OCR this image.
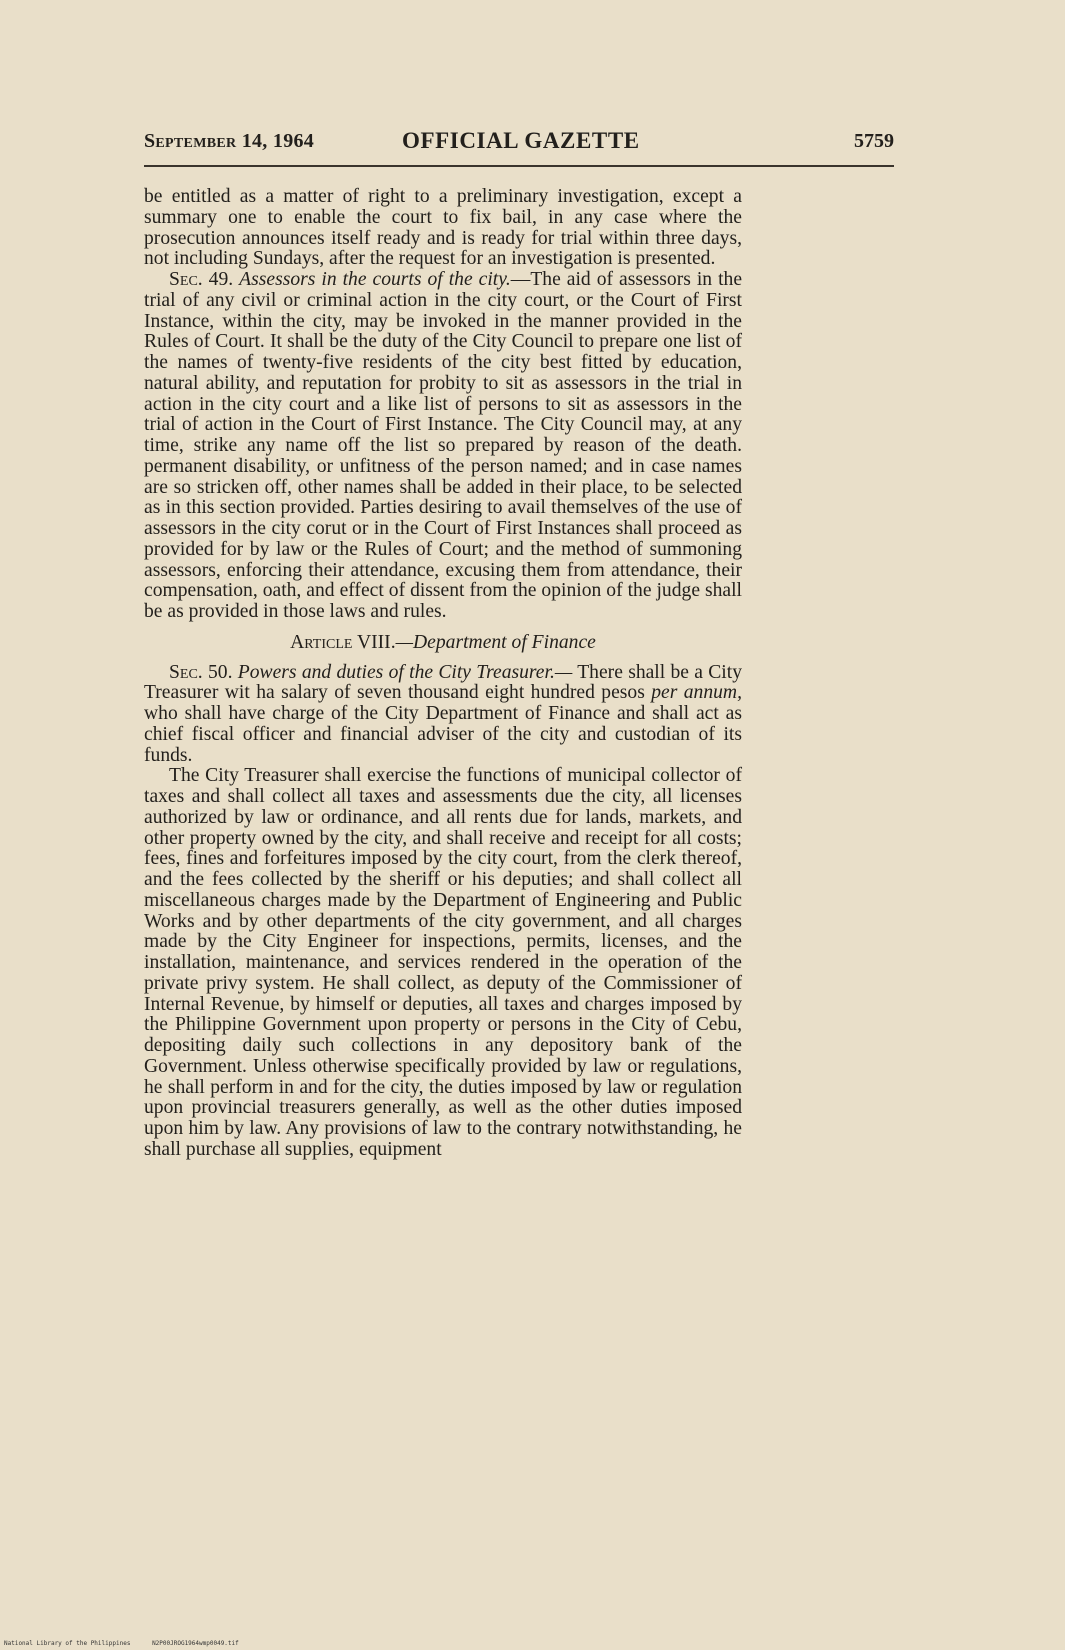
September 14, 1964	OFFICIAL GAZETTE	5759

be entitled as a matter of right to a preliminary investigation, except a summary one to enable the court to fix bail, in any case where the prosecution announces itself ready and is ready for trial within three days, not including Sundays, after the request for an investigation is presented.

Sec. 49. Assessors in the courts of the city.—The aid of assessors in the trial of any civil or criminal action in the city court, or the Court of First Instance, within the city, may be invoked in the manner provided in the Rules of Court. It shall be the duty of the City Council to prepare one list of the names of twenty-five residents of the city best fitted by education, natural ability, and reputation for probity to sit as assessors in the trial in action in the city court and a like list of persons to sit as assessors in the trial of action in the Court of First Instance. The City Council may, at any time, strike any name off the list so prepared by reason of the death. permanent disability, or unfitness of the person named; and in case names are so stricken off, other names shall be added in their place, to be selected as in this section provided. Parties desiring to avail themselves of the use of assessors in the city corut or in the Court of First Instances shall proceed as provided for by law or the Rules of Court; and the method of summoning assessors, enforcing their attendance, excusing them from attendance, their compensation, oath, and effect of dissent from the opinion of the judge shall be as provided in those laws and rules.

Article VIII.—Department of Finance

Sec. 50. Powers and duties of the City Treasurer.— There shall be a City Treasurer wit ha salary of seven thousand eight hundred pesos per annum, who shall have charge of the City Department of Finance and shall act as chief fiscal officer and financial adviser of the city and custodian of its funds.

The City Treasurer shall exercise the functions of municipal collector of taxes and shall collect all taxes and assessments due the city, all licenses authorized by law or ordinance, and all rents due for lands, markets, and other property owned by the city, and shall receive and receipt for all costs; fees, fines and forfeitures imposed by the city court, from the clerk thereof, and the fees collected by the sheriff or his deputies; and shall collect all miscellaneous charges made by the Department of Engineering and Public Works and by other departments of the city government, and all charges made by the City Engineer for inspections, permits, licenses, and the installation, maintenance, and services rendered in the operation of the private privy system. He shall collect, as deputy of the Commissioner of Internal Revenue, by himself or deputies, all taxes and charges imposed by the Philippine Government upon property or persons in the City of Cebu, depositing daily such collections in any depository bank of the Government. Unless otherwise specifically provided by law or regulations, he shall perform in and for the city, the duties imposed by law or regulation upon provincial treasurers generally, as well as the other duties imposed upon him by law. Any provisions of law to the contrary notwithstanding, he shall purchase all supplies, equipment

National Library of the Philippines	N2P00JROG1964wmp0049.tif
